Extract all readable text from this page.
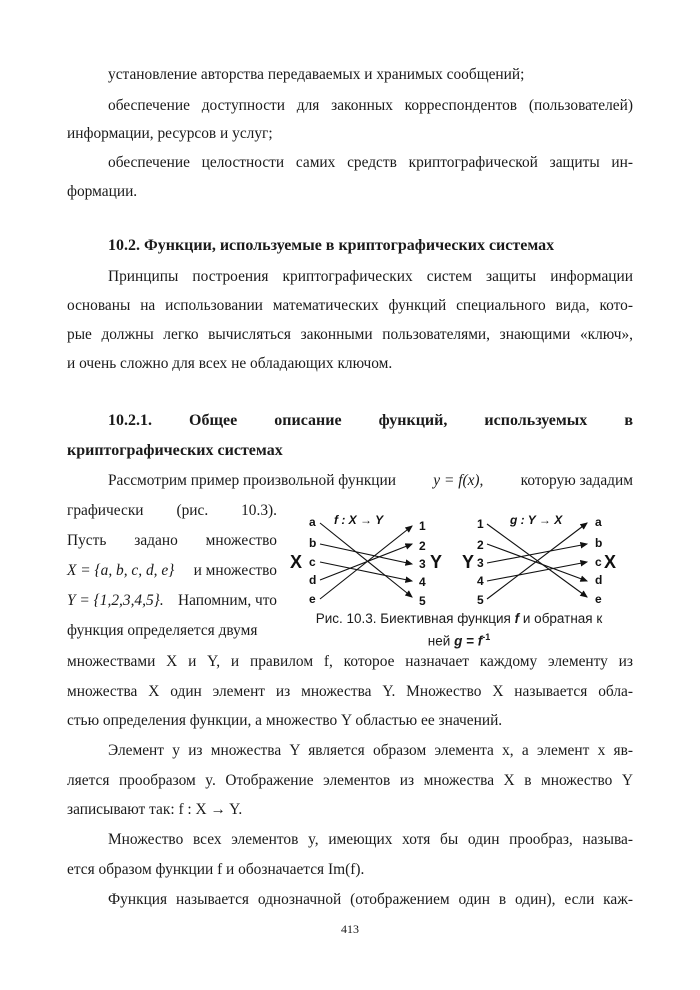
установление авторства передаваемых и хранимых сообщений;
обеспечение доступности для законных корреспондентов (пользователей)
информации, ресурсов и услуг;
обеспечение целостности самих средств криптографической защиты ин-
формации.
10.2. Функции, используемые в криптографических системах
Принципы построения криптографических систем защиты информации
основаны на использовании математических функций специального вида, кото-
рые должны легко вычисляться законными пользователями, знающими «ключ»,
и очень сложно для всех не обладающих ключом.
10.2.1. Общее описание функций, используемых в
криптографических системах
Рассмотрим пример произвольной функции y = f(x), которую зададим
графически (рис. 10.3).
Пусть задано множество
X = {a, b, c, d, e} и множество
Y = {1,2,3,4,5}. Напомним, что
функция определяется двумя
f : X → Y	g : Y → X
X	Y Y	X
a
b
c
d
e
1
2
3
4
5
1
2
3
4
5
a
b
c
d
e
Рис. 10.3. Биективная функция f и обратная к
ней $g = f^{-1}$
множествами X и Y, и правилом f, которое назначает каждому элементу из
множества X один элемент из множества Y. Множество X называется обла-
стью определения функции, а множество Y областью ее значений.
Элемент y из множества Y является образом элемента x, а элемент x яв-
ляется прообразом y. Отображение элементов из множества X в множество Y
записывают так: f : X → Y.
Множество всех элементов y, имеющих хотя бы один прообраз, называ-
ется образом функции f и обозначается Im(f).
Функция называется однозначной (отображением один в один), если каж-
413
